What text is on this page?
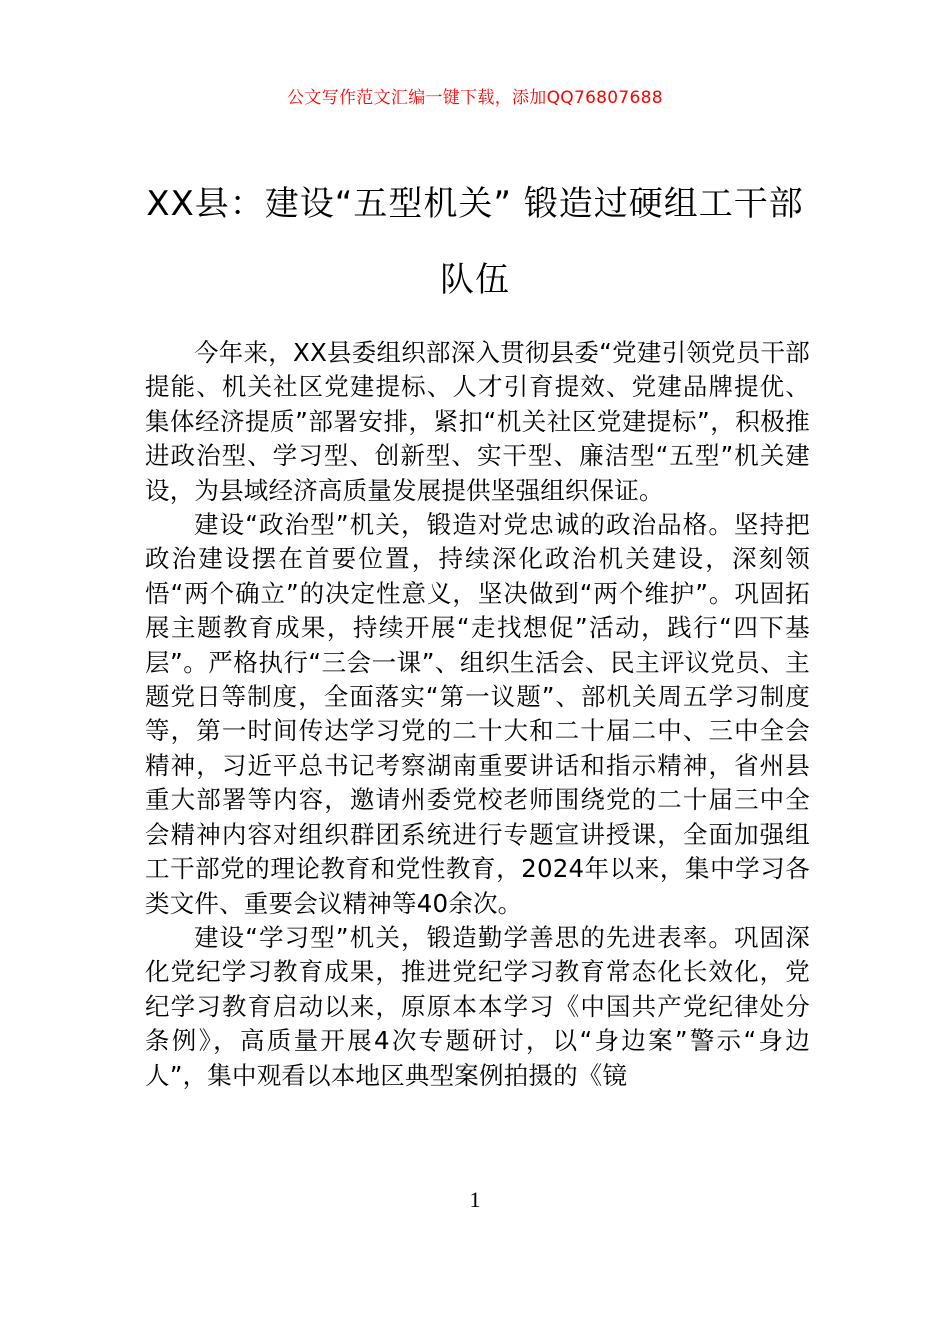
公文写作范文汇编一键下载，添加QQ76807688
XX县：建设“五型机关” 锻造过硬组工干部队伍

今年来，XX县委组织部深入贯彻县委“党建引领党员干部提能、机关社区党建提标、人才引育提效、党建品牌提优、集体经济提质”部署安排，紧扣“机关社区党建提标”，积极推进政治型、学习型、创新型、实干型、廉洁型“五型”机关建设，为县域经济高质量发展提供坚强组织保证。

建设“政治型”机关，锻造对党忠诚的政治品格。坚持把政治建设摆在首要位置，持续深化政治机关建设，深刻领悟“两个确立”的决定性意义，坚决做到“两个维护”。巩固拓展主题教育成果，持续开展“走找想促”活动，践行“四下基层”。严格执行“三会一课”、组织生活会、民主评议党员、主题党日等制度，全面落实“第一议题”、部机关周五学习制度等，第一时间传达学习党的二十大和二十届二中、三中全会精神，习近平总书记考察湖南重要讲话和指示精神，省州县重大部署等内容，邀请州委党校老师围绕党的二十届三中全会精神内容对组织群团系统进行专题宣讲授课，全面加强组工干部党的理论教育和党性教育，2024年以来，集中学习各类文件、重要会议精神等40余次。

建设“学习型”机关，锻造勤学善思的先进表率。巩固深化党纪学习教育成果，推进党纪学习教育常态化长效化，党纪学习教育启动以来，原原本本学习《中国共产党纪律处分条例》，高质量开展4次专题研讨，以“身边案”警示“身边人”，集中观看以本地区典型案例拍摄的《镜

1
